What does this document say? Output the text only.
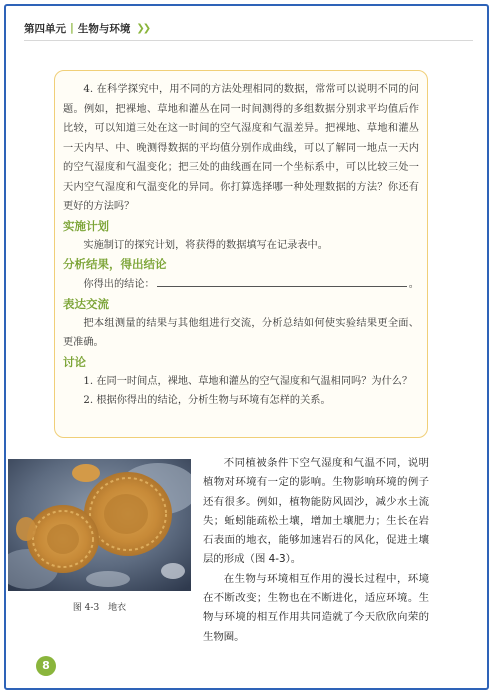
第四单元 | 生物与环境 ❯❯

4. 在科学探究中，用不同的方法处理相同的数据，常常可以说明不同的问题。例如，把裸地、草地和灌丛在同一时间测得的多组数据分别求平均值后作比较，可以知道三处在这一时间的空气湿度和气温差异。把裸地、草地和灌丛一天内早、中、晚测得数据的平均值分别作成曲线，可以了解同一地点一天内的空气湿度和气温变化；把三处的曲线画在同一个坐标系中，可以比较三处一天内空气湿度和气温变化的异同。你打算选择哪一种处理数据的方法？你还有更好的方法吗？

实施计划

实施制订的探究计划，将获得的数据填写在记录表中。

分析结果，得出结论

你得出的结论：	。

表达交流

把本组测量的结果与其他组进行交流，分析总结如何使实验结果更全面、更准确。

讨论

1. 在同一时间点，裸地、草地和灌丛的空气湿度和气温相同吗？为什么？

2. 根据你得出的结论，分析生物与环境有怎样的关系。

图 4-3　地衣

不同植被条件下空气湿度和气温不同，说明植物对环境有一定的影响。生物影响环境的例子还有很多。例如，植物能防风固沙，减少水土流失；蚯蚓能疏松土壤，增加土壤肥力；生长在岩石表面的地衣，能够加速岩石的风化，促进土壤层的形成（图 4-3）。

在生物与环境相互作用的漫长过程中，环境在不断改变；生物也在不断进化，适应环境。生物与环境的相互作用共同造就了今天欣欣向荣的生物圈。

8
